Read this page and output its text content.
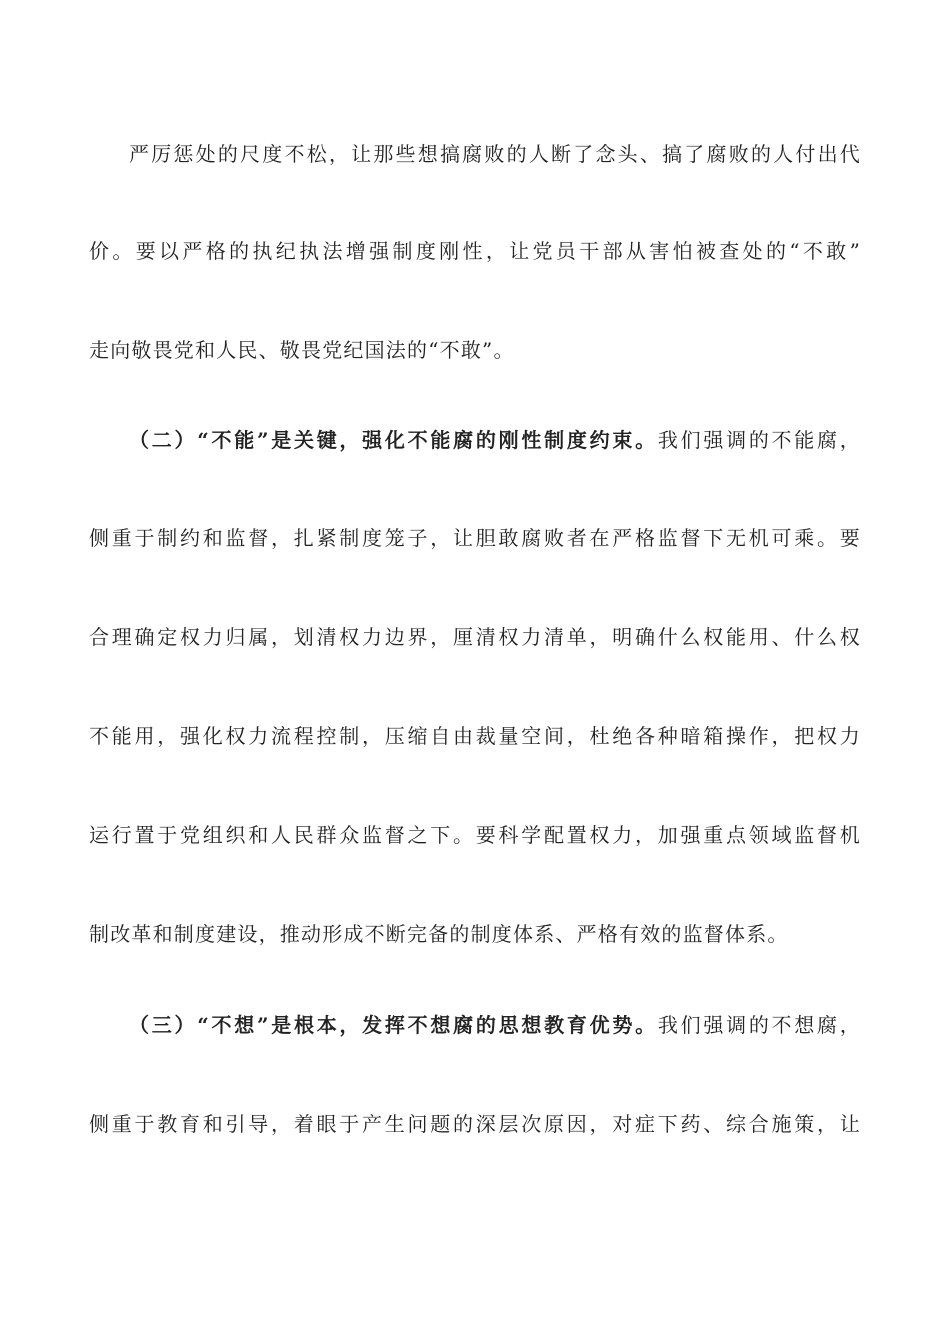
严厉惩处的尺度不松，让那些想搞腐败的人断了念头、搞了腐败的人付出代
价。要以严格的执纪执法增强制度刚性，让党员干部从害怕被查处的“不敢”
走向敬畏党和人民、敬畏党纪国法的“不敢”。
（二）“不能”是关键，强化不能腐的刚性制度约束。我们强调的不能腐，
侧重于制约和监督，扎紧制度笼子，让胆敢腐败者在严格监督下无机可乘。要
合理确定权力归属，划清权力边界，厘清权力清单，明确什么权能用、什么权
不能用，强化权力流程控制，压缩自由裁量空间，杜绝各种暗箱操作，把权力
运行置于党组织和人民群众监督之下。要科学配置权力，加强重点领域监督机
制改革和制度建设，推动形成不断完备的制度体系、严格有效的监督体系。
（三）“不想”是根本，发挥不想腐的思想教育优势。我们强调的不想腐，
侧重于教育和引导，着眼于产生问题的深层次原因，对症下药、综合施策，让
